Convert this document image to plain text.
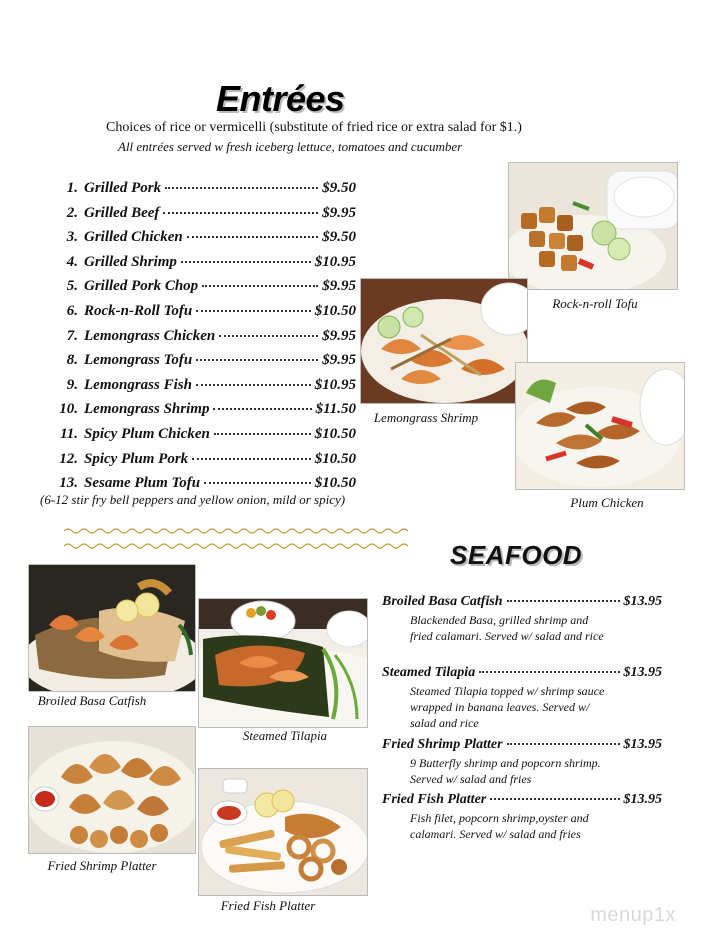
Entrées
Choices of rice or vermicelli (substitute of fried rice or extra salad for $1.)
All entrées served w fresh iceberg lettuce, tomatoes and cucumber
1. Grilled Pork	$9.50
2. Grilled Beef	$9.95
3. Grilled Chicken	$9.50
4. Grilled Shrimp	$10.95
5. Grilled Pork Chop	$9.95
6. Rock-n-Roll Tofu	$10.50
7. Lemongrass Chicken	$9.95
8. Lemongrass Tofu	$9.95
9. Lemongrass Fish	$10.95
10. Lemongrass Shrimp	$11.50
11. Spicy Plum Chicken	$10.50
12. Spicy Plum Pork	$10.50
13. Sesame Plum Tofu	$10.50
(6-12 stir fry bell peppers and yellow onion, mild or spicy)
Rock-n-roll Tofu
Lemongrass Shrimp
Plum Chicken
SEAFOOD
Broiled Basa Catfish
Steamed Tilapia
Fried Shrimp Platter
Fried Fish Platter
Broiled Basa Catfish	$13.95
Blackended Basa, grilled shrimp and fried calamari. Served w/ salad and rice
Steamed Tilapia	$13.95
Steamed Tilapia topped w/ shrimp sauce wrapped in banana leaves. Served w/ salad and rice
Fried Shrimp Platter	$13.95
9 Butterfly shrimp and popcorn shrimp. Served w/ salad and fries
Fried Fish Platter	$13.95
Fish filet, popcorn shrimp,oyster and calamari. Served w/ salad and fries
menup1x
